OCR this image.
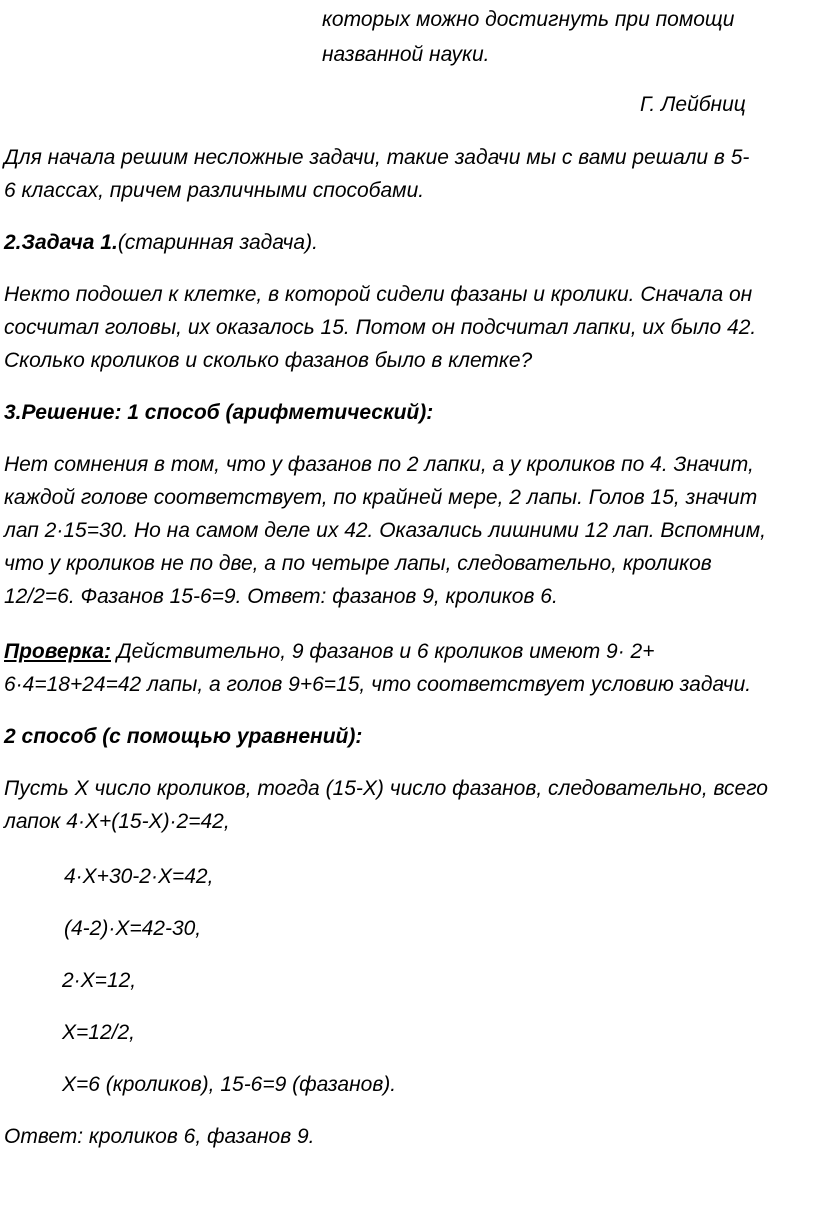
которых можно достигнуть при помощи

названной науки.

Г. Лейбниц

Для начала решим несложные задачи, такие задачи мы с вами решали в 5-

6 классах, причем различными способами.

2.Задача 1.(старинная задача).

Некто подошел к клетке, в которой сидели фазаны и кролики. Сначала он

сосчитал головы, их оказалось 15. Потом он подсчитал лапки, их было 42.

Сколько кроликов и сколько фазанов было в клетке?

3.Решение: 1 способ (арифметический):

Нет сомнения в том, что у фазанов по 2 лапки, а у кроликов по 4. Значит,

каждой голове соответствует, по крайней мере, 2 лапы. Голов 15, значит

лап 2·15=30. Но на самом деле их 42. Оказались лишними 12 лап. Вспомним,

что у кроликов не по две, а по четыре лапы, следовательно, кроликов

12/2=6. Фазанов 15-6=9. Ответ: фазанов 9, кроликов 6.

Проверка: Действительно, 9 фазанов и 6 кроликов имеют 9· 2+

6·4=18+24=42 лапы, а голов 9+6=15, что соответствует условию задачи.

2 способ (с помощью уравнений):

Пусть Х число кроликов, тогда (15-Х) число фазанов, следовательно, всего

лапок 4·Х+(15-Х)·2=42,

4·Х+30-2·Х=42,

(4-2)·Х=42-30,

2·Х=12,

Х=12/2,

Х=6 (кроликов), 15-6=9 (фазанов).

Ответ: кроликов 6, фазанов 9.
